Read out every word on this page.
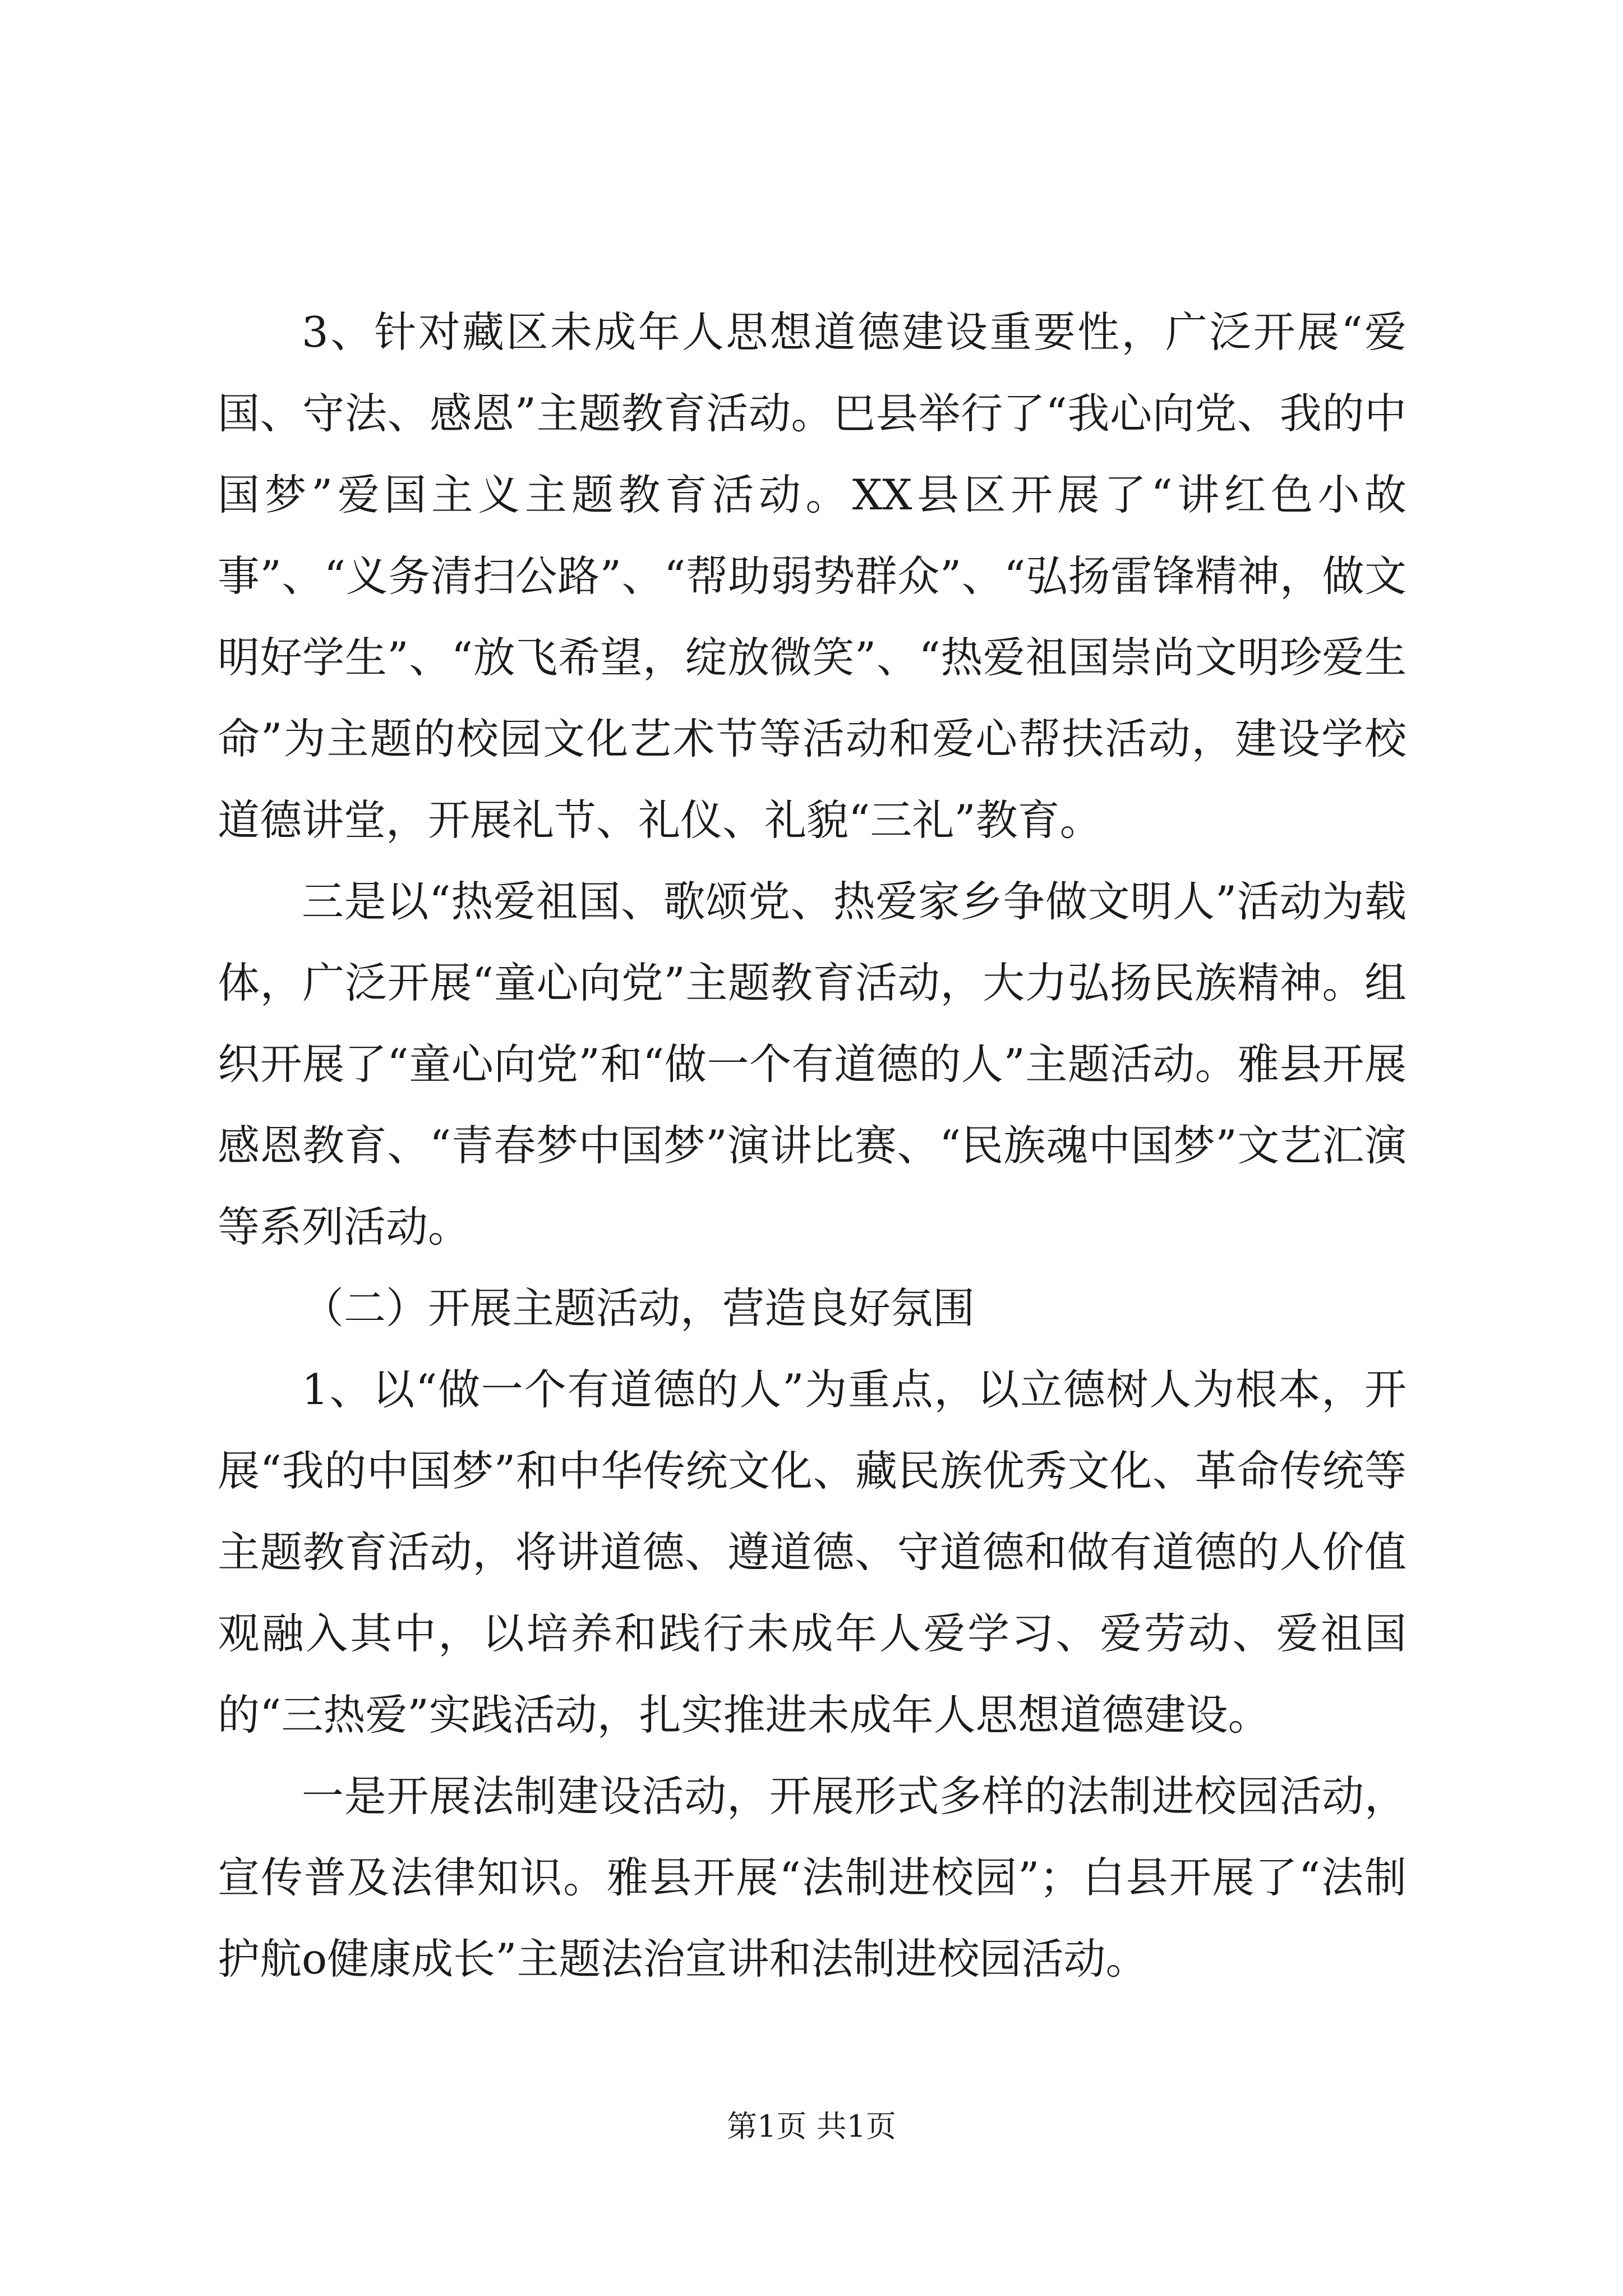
3、针对藏区未成年人思想道德建设重要性，广泛开展“爱国、守法、感恩”主题教育活动。巴县举行了“我心向党、我的中国梦”爱国主义主题教育活动。XX县区开展了“讲红色小故事”、“义务清扫公路”、“帮助弱势群众”、“弘扬雷锋精神，做文明好学生”、“放飞希望，绽放微笑”、“热爱祖国崇尚文明珍爱生命”为主题的校园文化艺术节等活动和爱心帮扶活动，建设学校道德讲堂，开展礼节、礼仪、礼貌“三礼”教育。

三是以“热爱祖国、歌颂党、热爱家乡争做文明人”活动为载体，广泛开展“童心向党”主题教育活动，大力弘扬民族精神。组织开展了“童心向党”和“做一个有道德的人”主题活动。雅县开展感恩教育、“青春梦中国梦”演讲比赛、“民族魂中国梦”文艺汇演等系列活动。

（二）开展主题活动，营造良好氛围

1、以“做一个有道德的人”为重点，以立德树人为根本，开展“我的中国梦”和中华传统文化、藏民族优秀文化、革命传统等主题教育活动，将讲道德、遵道德、守道德和做有道德的人价值观融入其中，以培养和践行未成年人爱学习、爱劳动、爱祖国的“三热爱”实践活动，扎实推进未成年人思想道德建设。

一是开展法制建设活动，开展形式多样的法制进校园活动，宣传普及法律知识。雅县开展“法制进校园”；白县开展了“法制护航o健康成长”主题法治宣讲和法制进校园活动。

第1页 共1页
